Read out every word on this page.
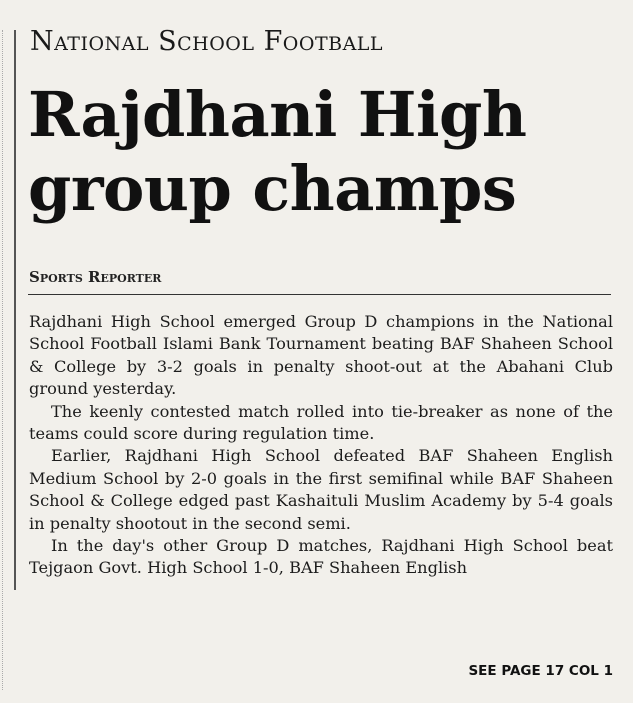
National School Football
Rajdhani High
group champs
Sports Reporter

Rajdhani High School emerged Group D champions in the National School Football Islami Bank Tournament beating BAF Shaheen School & College by 3-2 goals in penalty shoot-out at the Abahani Club ground yesterday.

The keenly contested match rolled into tie-breaker as none of the teams could score during regulation time.

Earlier, Rajdhani High School defeated BAF Shaheen English Medium School by 2-0 goals in the first semifinal while BAF Shaheen School & College edged past Kashaituli Muslim Academy by 5-4 goals in penalty shootout in the second semi.

In the day's other Group D matches, Rajdhani High School beat Tejgaon Govt. High School 1-0, BAF Shaheen English

SEE PAGE 17 COL 1
